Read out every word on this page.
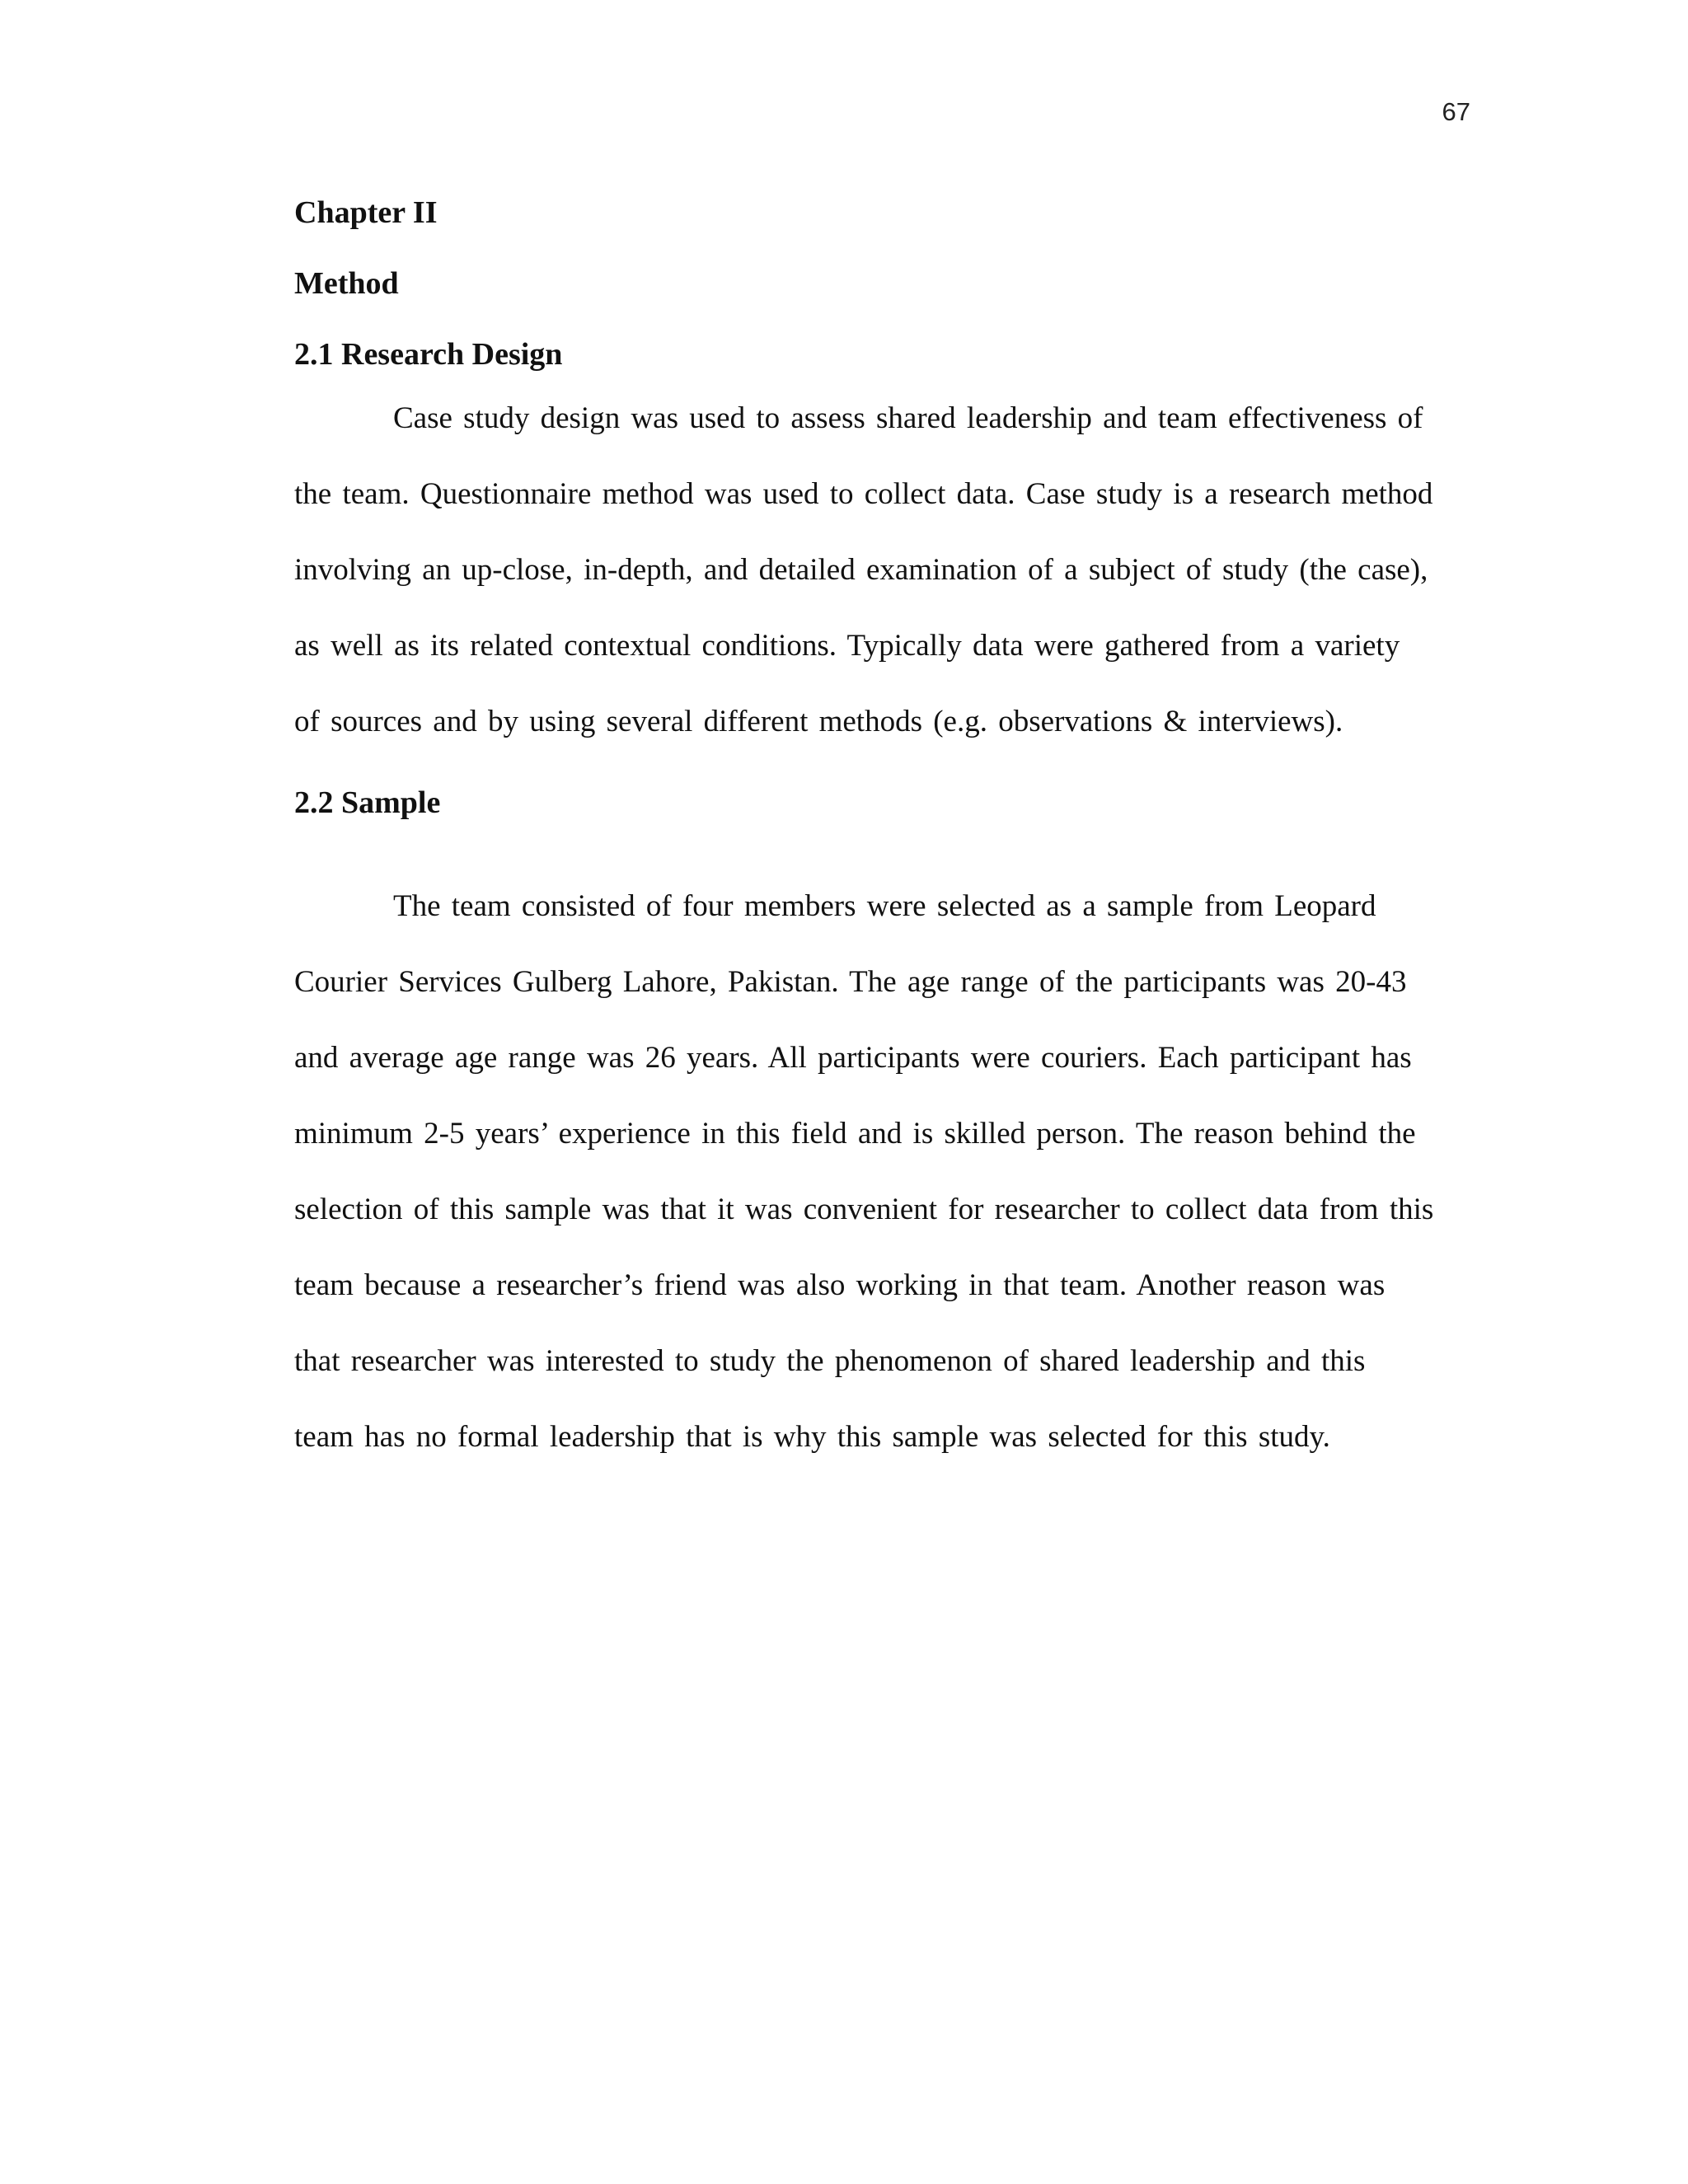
67
Chapter II
Method
2.1 Research Design
Case study design was used to assess shared leadership and team effectiveness of
the team. Questionnaire method was used to collect data. Case study is a research method
involving an up-close, in-depth, and detailed examination of a subject of study (the case),
as well as its related contextual conditions. Typically data were gathered from a variety
of sources and by using several different methods (e.g. observations & interviews).
2.2 Sample
The team consisted of four members were selected as a sample from Leopard
Courier Services Gulberg Lahore, Pakistan. The age range of the participants was 20-43
and average age range was 26 years. All participants were couriers. Each participant has
minimum 2-5 years’ experience in this field and is skilled person. The reason behind the
selection of this sample was that it was convenient for researcher to collect data from this
team because a researcher’s friend was also working in that team. Another reason was
that researcher was interested to study the phenomenon of shared leadership and this
team has no formal leadership that is why this sample was selected for this study.
